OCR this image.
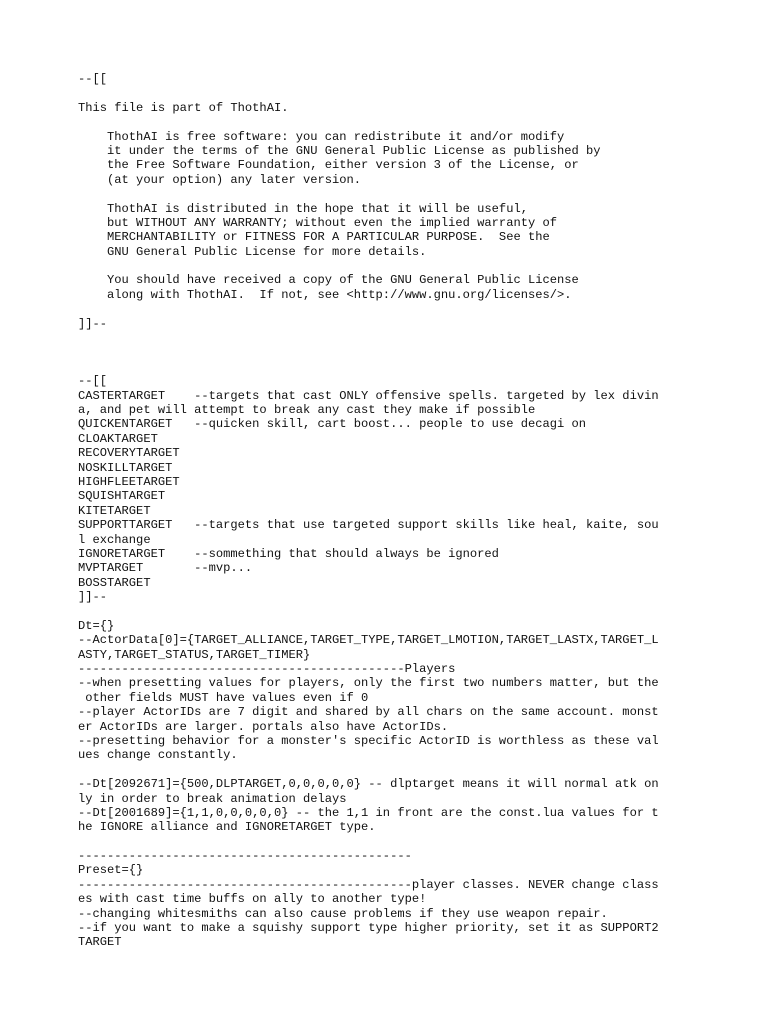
--[[
This file is part of ThothAI.
ThothAI is free software: you can redistribute it and/or modify
it under the terms of the GNU General Public License as published by
the Free Software Foundation, either version 3 of the License, or
(at your option) any later version.
ThothAI is distributed in the hope that it will be useful,
but WITHOUT ANY WARRANTY; without even the implied warranty of
MERCHANTABILITY or FITNESS FOR A PARTICULAR PURPOSE.  See the
GNU General Public License for more details.
You should have received a copy of the GNU General Public License
along with ThothAI.  If not, see <http://www.gnu.org/licenses/>.
]]--
--[[
CASTERTARGET    --targets that cast ONLY offensive spells. targeted by lex divin
a, and pet will attempt to break any cast they make if possible
QUICKENTARGET   --quicken skill, cart boost... people to use decagi on
CLOAKTARGET
RECOVERYTARGET
NOSKILLTARGET
HIGHFLEETARGET
SQUISHTARGET
KITETARGET
SUPPORTTARGET   --targets that use targeted support skills like heal, kaite, sou
l exchange
IGNORETARGET    --sommething that should always be ignored
MVPTARGET       --mvp...
BOSSTARGET
]]--
Dt={}
--ActorData[0]={TARGET_ALLIANCE,TARGET_TYPE,TARGET_LMOTION,TARGET_LASTX,TARGET_L
ASTY,TARGET_STATUS,TARGET_TIMER}
---------------------------------------------Players
--when presetting values for players, only the first two numbers matter, but the
other fields MUST have values even if 0
--player ActorIDs are 7 digit and shared by all chars on the same account. monst
er ActorIDs are larger. portals also have ActorIDs.
--presetting behavior for a monster's specific ActorID is worthless as these val
ues change constantly.
--Dt[2092671]={500,DLPTARGET,0,0,0,0,0} -- dlptarget means it will normal atk on
ly in order to break animation delays
--Dt[2001689]={1,1,0,0,0,0,0} -- the 1,1 in front are the const.lua values for t
he IGNORE alliance and IGNORETARGET type.
----------------------------------------------
Preset={}
----------------------------------------------player classes. NEVER change class
es with cast time buffs on ally to another type!
--changing whitesmiths can also cause problems if they use weapon repair.
--if you want to make a squishy support type higher priority, set it as SUPPORT2
TARGET
